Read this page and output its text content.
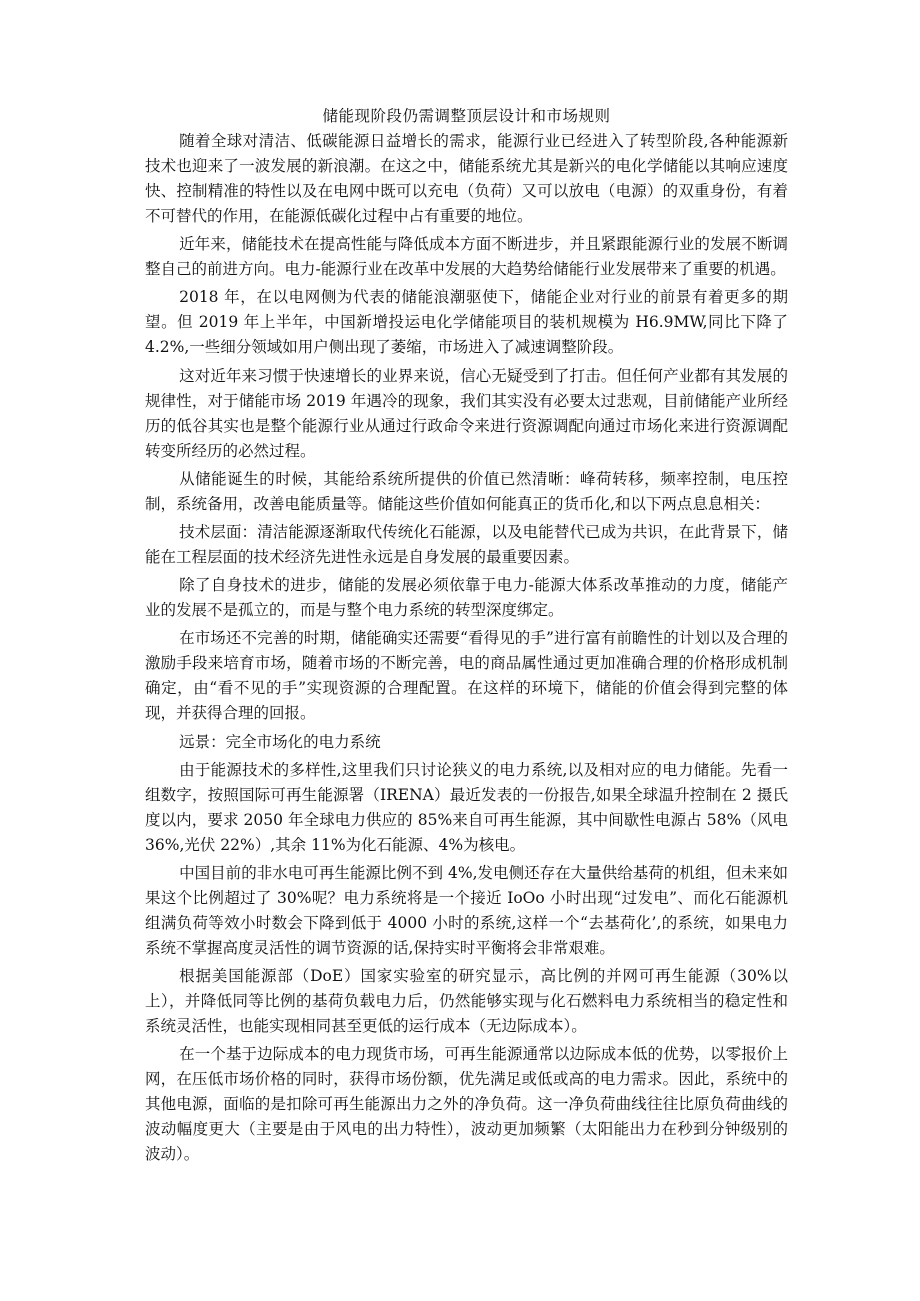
储能现阶段仍需调整顶层设计和市场规则

随着全球对清洁、低碳能源日益增长的需求，能源行业已经进入了转型阶段,各种能源新技术也迎来了一波发展的新浪潮。在这之中，储能系统尤其是新兴的电化学储能以其响应速度快、控制精准的特性以及在电网中既可以充电（负荷）又可以放电（电源）的双重身份，有着不可替代的作用，在能源低碳化过程中占有重要的地位。

近年来，储能技术在提高性能与降低成本方面不断进步，并且紧跟能源行业的发展不断调整自己的前进方向。电力-能源行业在改革中发展的大趋势给储能行业发展带来了重要的机遇。

2018 年，在以电网侧为代表的储能浪潮驱使下，储能企业对行业的前景有着更多的期望。但 2019 年上半年，中国新增投运电化学储能项目的装机规模为 H6.9MW,同比下降了 4.2%,一些细分领域如用户侧出现了萎缩，市场进入了减速调整阶段。

这对近年来习惯于快速增长的业界来说，信心无疑受到了打击。但任何产业都有其发展的规律性，对于储能市场 2019 年遇冷的现象，我们其实没有必要太过悲观，目前储能产业所经历的低谷其实也是整个能源行业从通过行政命令来进行资源调配向通过市场化来进行资源调配转变所经历的必然过程。

从储能诞生的时候，其能给系统所提供的价值已然清晰：峰荷转移，频率控制，电压控制，系统备用，改善电能质量等。储能这些价值如何能真正的货币化,和以下两点息息相关：

技术层面：清洁能源逐渐取代传统化石能源，以及电能替代已成为共识，在此背景下，储能在工程层面的技术经济先进性永远是自身发展的最重要因素。

除了自身技术的进步，储能的发展必须依靠于电力-能源大体系改革推动的力度，储能产业的发展不是孤立的，而是与整个电力系统的转型深度绑定。

在市场还不完善的时期，储能确实还需要“看得见的手”进行富有前瞻性的计划以及合理的激励手段来培育市场，随着市场的不断完善，电的商品属性通过更加准确合理的价格形成机制确定，由“看不见的手”实现资源的合理配置。在这样的环境下，储能的价值会得到完整的体现，并获得合理的回报。

远景：完全市场化的电力系统

由于能源技术的多样性,这里我们只讨论狭义的电力系统,以及相对应的电力储能。先看一组数字，按照国际可再生能源署（IRENA）最近发表的一份报告,如果全球温升控制在 2 摄氏度以内，要求 2050 年全球电力供应的 85%来自可再生能源，其中间歇性电源占 58%（风电 36%,光伏 22%）,其余 11%为化石能源、4%为核电。

中国目前的非水电可再生能源比例不到 4%,发电侧还存在大量供给基荷的机组，但未来如果这个比例超过了 30%呢？电力系统将是一个接近 IoOo 小时出现“过发电”、而化石能源机组满负荷等效小时数会下降到低于 4000 小时的系统,这样一个“去基荷化’,的系统，如果电力系统不掌握高度灵活性的调节资源的话,保持实时平衡将会非常艰难。

根据美国能源部（DoE）国家实验室的研究显示，高比例的并网可再生能源（30%以上），并降低同等比例的基荷负载电力后，仍然能够实现与化石燃料电力系统相当的稳定性和系统灵活性，也能实现相同甚至更低的运行成本（无边际成本）。

在一个基于边际成本的电力现货市场，可再生能源通常以边际成本低的优势，以零报价上网，在压低市场价格的同时，获得市场份额，优先满足或低或高的电力需求。因此，系统中的其他电源，面临的是扣除可再生能源出力之外的净负荷。这一净负荷曲线往往比原负荷曲线的波动幅度更大（主要是由于风电的出力特性），波动更加频繁（太阳能出力在秒到分钟级别的波动）。
